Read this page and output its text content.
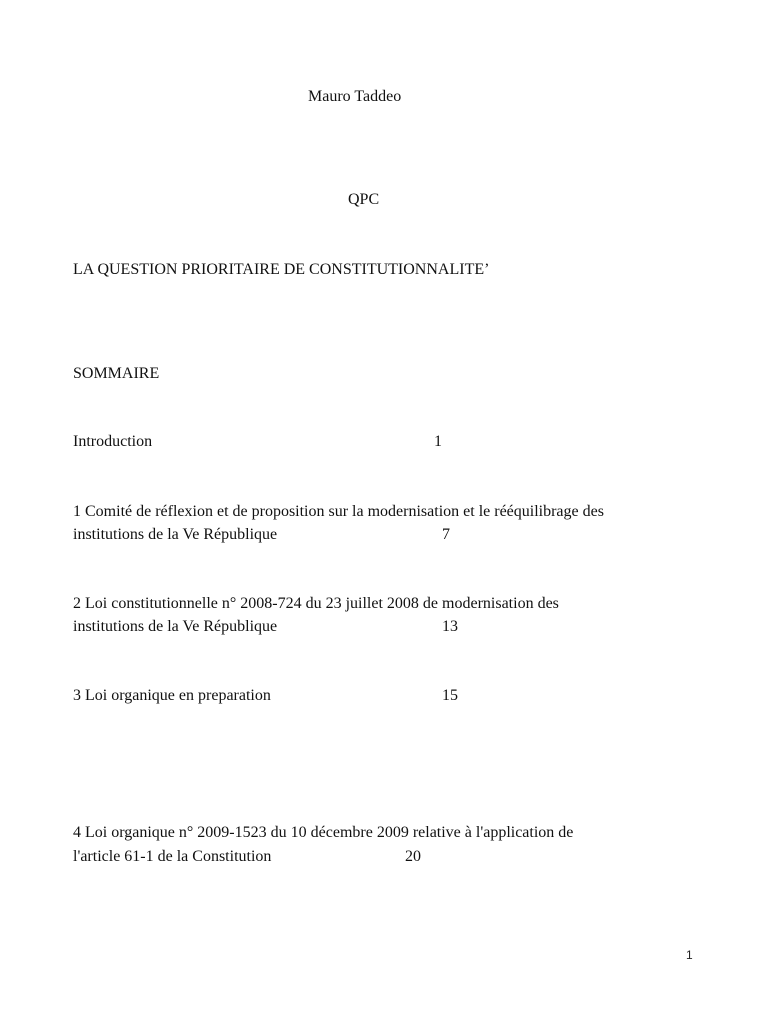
Mauro Taddeo
QPC
LA QUESTION PRIORITAIRE DE CONSTITUTIONNALITE’
SOMMAIRE
Introduction	1
1 Comité de réflexion et de proposition sur la modernisation et le rééquilibrage des
institutions de la Ve République	7
2 Loi constitutionnelle n° 2008-724 du 23 juillet 2008 de modernisation des
institutions de la Ve République	13
3 Loi organique en preparation	15
4 Loi organique n° 2009-1523 du 10 décembre 2009 relative à l'application de
l'article 61-1 de la Constitution	20
1
